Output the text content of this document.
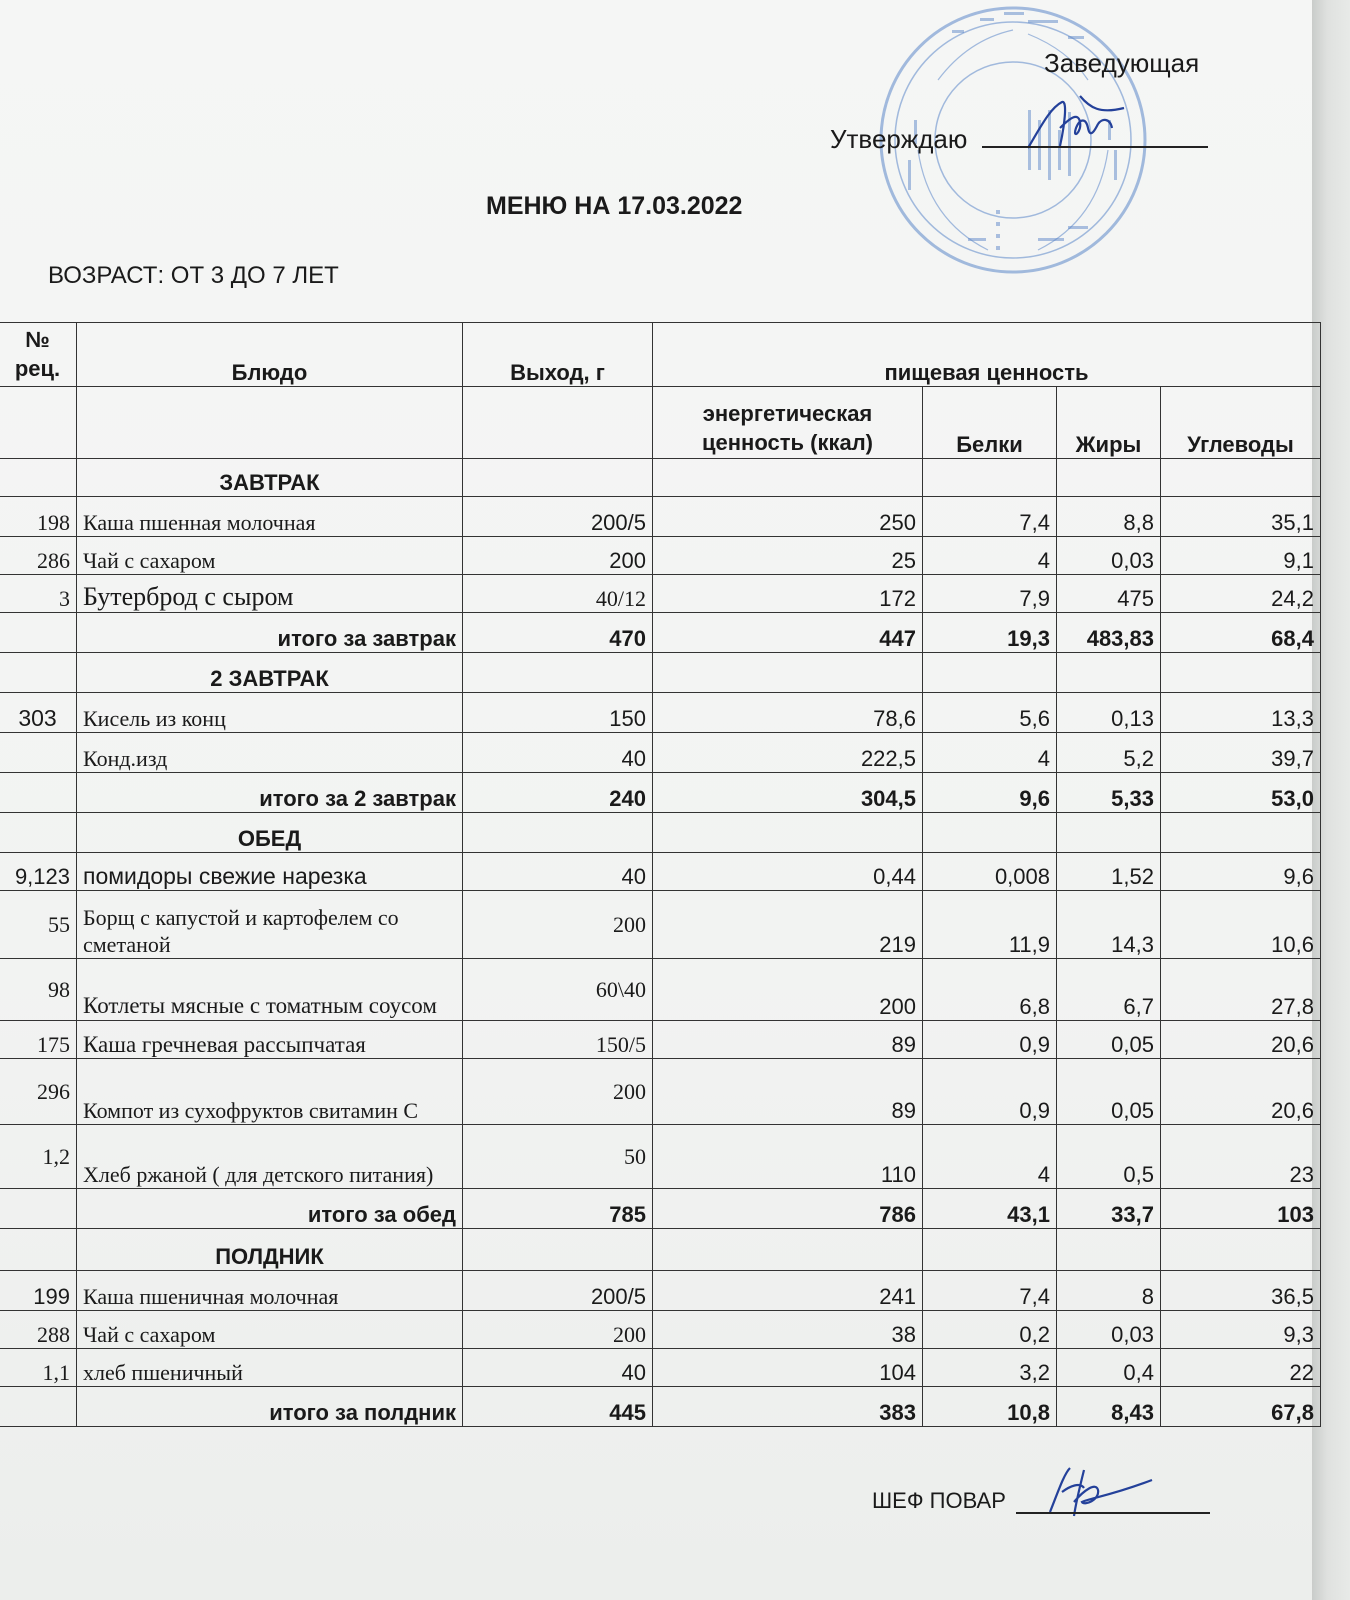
Заведующая
Утверждаю
МЕНЮ НА 17.03.2022
ВОЗРАСТ: ОТ 3 ДО 7 ЛЕТ
№
рец.	Блюдо	Выход, г	пищевая ценность			
			энергетическая
ценность (ккал)	Белки	Жиры	Углеводы
	ЗАВТРАК					
198	Каша пшенная молочная	200/5	250	7,4	8,8	35,1
286	Чай с сахаром	200	25	4	0,03	9,1
3	Бутерброд с сыром	40/12	172	7,9	475	24,2
	итого за завтрак	470	447	19,3	483,83	68,4
	2 ЗАВТРАК					
303	Кисель из конц	150	78,6	5,6	0,13	13,3
	Конд.изд	40	222,5	4	5,2	39,7
	итого за 2 завтрак	240	304,5	9,6	5,33	53,0
	ОБЕД					
9,123	помидоры свежие нарезка	40	0,44	0,008	1,52	9,6
55	Борщ с капустой и картофелем со сметаной	200	219	11,9	14,3	10,6
98	Котлеты мясные с томатным соусом	60\40	200	6,8	6,7	27,8
175	Каша гречневая рассыпчатая	150/5	89	0,9	0,05	20,6
296	Компот из сухофруктов свитамин С	200	89	0,9	0,05	20,6
1,2	Хлеб ржаной ( для детского питания)	50	110	4	0,5	23
	итого за обед	785	786	43,1	33,7	103
	ПОЛДНИК					
199	Каша пшеничная молочная	200/5	241	7,4	8	36,5
288	Чай с сахаром	200	38	0,2	0,03	9,3
1,1	хлеб пшеничный	40	104	3,2	0,4	22
	итого за полдник	445	383	10,8	8,43	67,8
ШЕФ ПОВАР
